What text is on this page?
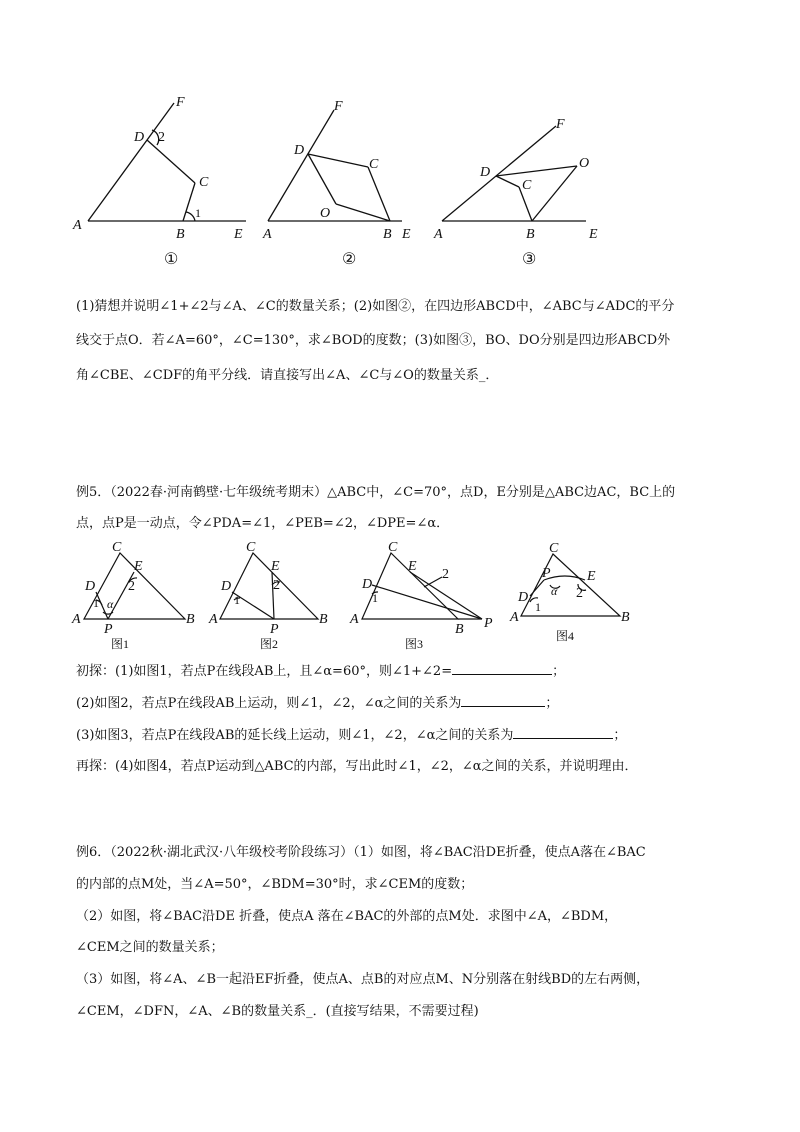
F
D 2
C
A
1
B	E
①
F
D
C
O
A	B E
②
F
D
O
C
A	B	E
③
(1)猜想并说明∠1+∠2与∠A、∠C的数量关系；(2)如图②，在四边形ABCD中，∠ABC与∠ADC的平分
线交于点O．若∠A=60°，∠C=130°，求∠BOD的度数；(3)如图③，BO、DO分别是四边形ABCD外
角∠CBE、∠CDF的角平分线．请直接写出∠A、∠C与∠O的数量关系_．
例5．（2022春·河南鹤壁·七年级统考期末）△ABC中，∠C=70°，点D，E分别是△ABC边AC，BC上的
点，点P是一动点，令∠PDA=∠1，∠PEB=∠2，∠DPE=∠α．
C
E
D 2
1 α
A
P
B
图1
C
E
D	2
1
A
P
B
图2
C
E
D
2
1
A
B P
图3
C
P	E
D α 2
1
A	B
图4
初探：(1)如图1，若点P在线段AB上，且∠α=60°，则∠1+∠2=	；
(2)如图2，若点P在线段AB上运动，则∠1，∠2，∠α之间的关系为	；
(3)如图3，若点P在线段AB的延长线上运动，则∠1，∠2，∠α之间的关系为	；
再探：(4)如图4，若点P运动到△ABC的内部，写出此时∠1，∠2，∠α之间的关系，并说明理由．
例6．（2022秋·湖北武汉·八年级校考阶段练习）（1）如图，将∠BAC沿DE折叠，使点A落在∠BAC
的内部的点M处，当∠A=50°，∠BDM=30°时，求∠CEM的度数；
（2）如图，将∠BAC沿DE 折叠，使点A 落在∠BAC的外部的点M处．求图中∠A，∠BDM，
∠CEM之间的数量关系；
（3）如图，将∠A、∠B一起沿EF折叠，使点A、点B的对应点M、N分别落在射线BD的左右两侧，
∠CEM，∠DFN，∠A、∠B的数量关系_．(直接写结果，不需要过程)
